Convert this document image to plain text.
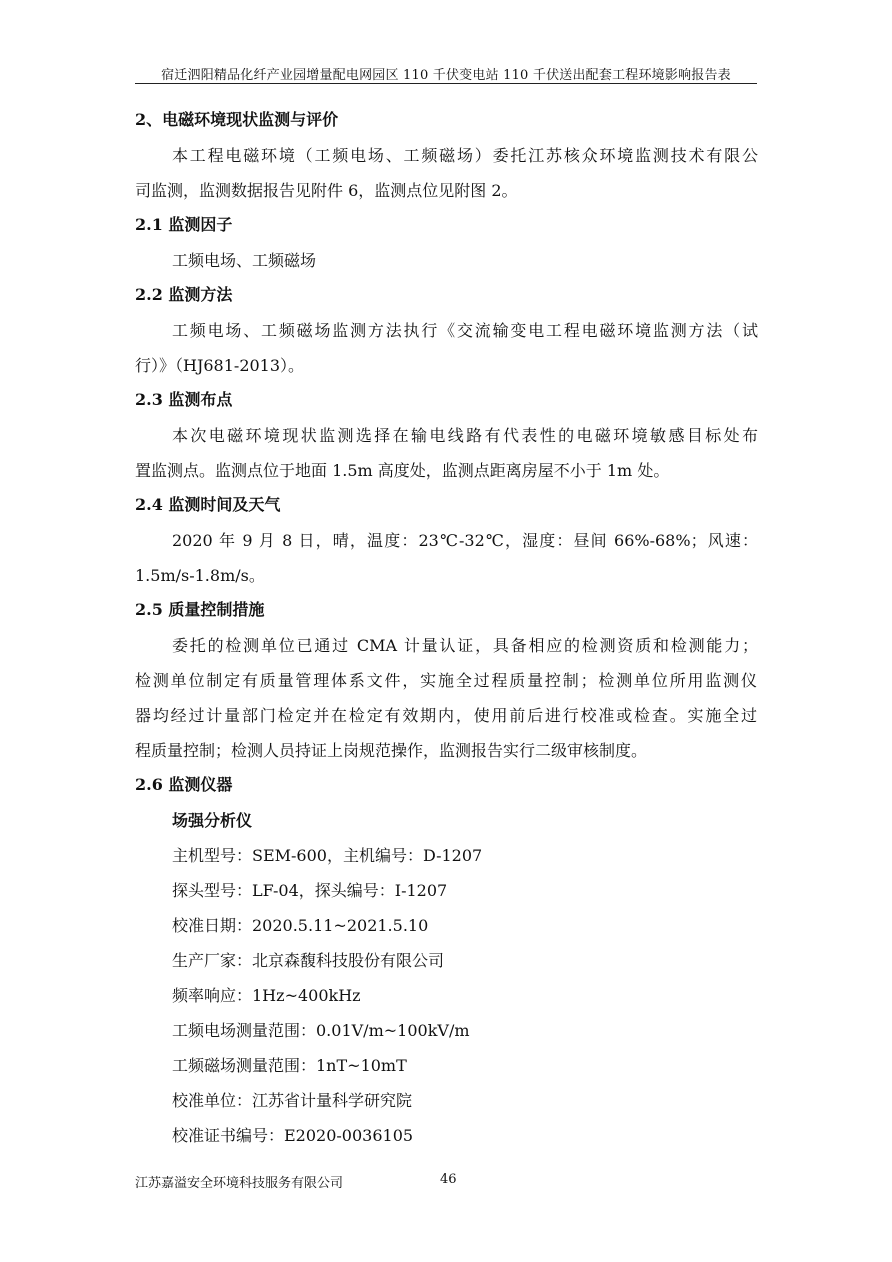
宿迁泗阳精品化纤产业园增量配电网园区 110 千伏变电站 110 千伏送出配套工程环境影响报告表
2、电磁环境现状监测与评价
本工程电磁环境（工频电场、工频磁场）委托江苏核众环境监测技术有限公
司监测，监测数据报告见附件 6，监测点位见附图 2。
2.1 监测因子
工频电场、工频磁场
2.2 监测方法
工频电场、工频磁场监测方法执行《交流输变电工程电磁环境监测方法（试
行）》（HJ681-2013）。
2.3 监测布点
本次电磁环境现状监测选择在输电线路有代表性的电磁环境敏感目标处布
置监测点。监测点位于地面 1.5m 高度处，监测点距离房屋不小于 1m 处。
2.4 监测时间及天气
2020 年 9 月 8 日，晴，温度：23℃-32℃，湿度：昼间 66%-68%；风速：
1.5m/s-1.8m/s。
2.5 质量控制措施
委托的检测单位已通过 CMA 计量认证，具备相应的检测资质和检测能力；
检测单位制定有质量管理体系文件，实施全过程质量控制；检测单位所用监测仪
器均经过计量部门检定并在检定有效期内，使用前后进行校准或检查。实施全过
程质量控制；检测人员持证上岗规范操作，监测报告实行二级审核制度。
2.6 监测仪器
场强分析仪
主机型号：SEM-600，主机编号：D-1207
探头型号：LF-04，探头编号：I-1207
校准日期：2020.5.11~2021.5.10
生产厂家：北京森馥科技股份有限公司
频率响应：1Hz~400kHz
工频电场测量范围：0.01V/m~100kV/m
工频磁场测量范围：1nT~10mT
校准单位：江苏省计量科学研究院
校准证书编号：E2020-0036105
江苏嘉溢安全环境科技服务有限公司	46
